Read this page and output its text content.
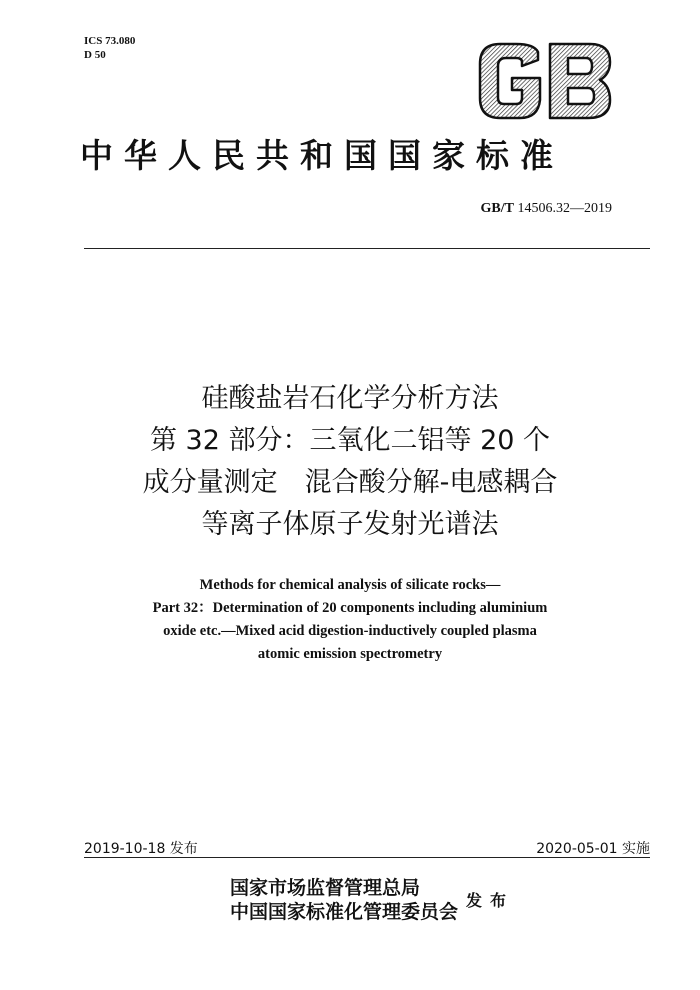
ICS 73.080
D 50
中华人民共和国国家标准
GB/T 14506.32—2019
硅酸盐岩石化学分析方法
第 32 部分：三氧化二铝等 20 个
成分量测定　混合酸分解-电感耦合
等离子体原子发射光谱法
Methods for chemical analysis of silicate rocks—
Part 32：Determination of 20 components including aluminium
oxide etc.—Mixed acid digestion-inductively coupled plasma
atomic emission spectrometry
2019-10-18 发布	2020-05-01 实施
国家市场监督管理总局
中国国家标准化管理委员会
发布
